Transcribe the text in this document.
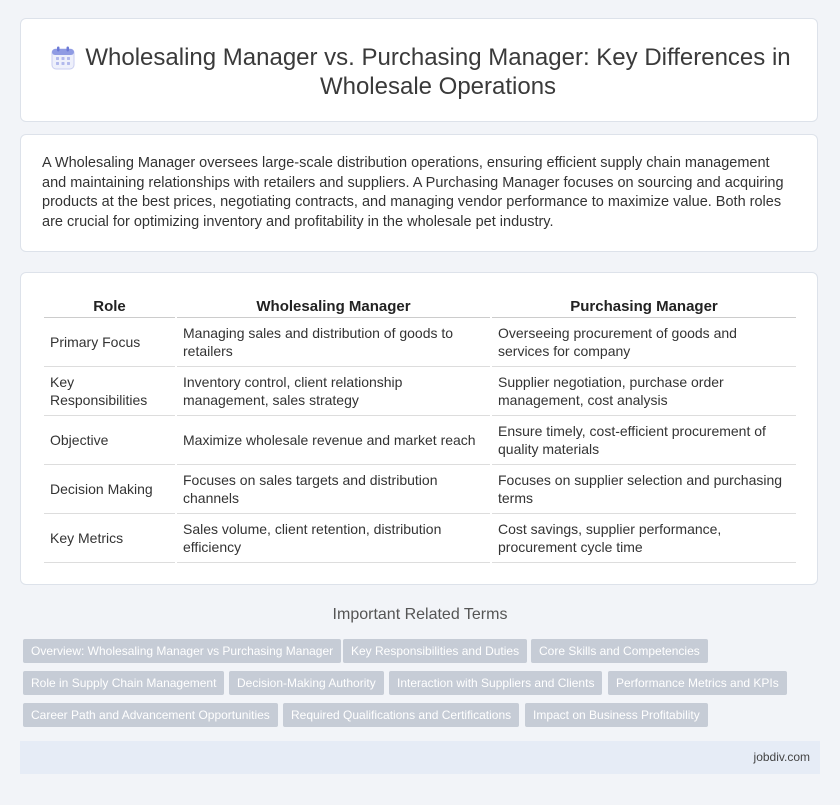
Wholesaling Manager vs. Purchasing Manager: Key Differences in Wholesale Operations

A Wholesaling Manager oversees large-scale distribution operations, ensuring efficient supply chain management and maintaining relationships with retailers and suppliers. A Purchasing Manager focuses on sourcing and acquiring products at the best prices, negotiating contracts, and managing vendor performance to maximize value. Both roles are crucial for optimizing inventory and profitability in the wholesale pet industry.

Role	Wholesaling Manager	Purchasing Manager
Primary Focus	Managing sales and distribution of goods to retailers	Overseeing procurement of goods and services for company
Key Responsibilities	Inventory control, client relationship management, sales strategy	Supplier negotiation, purchase order management, cost analysis
Objective	Maximize wholesale revenue and market reach	Ensure timely, cost-efficient procurement of quality materials
Decision Making	Focuses on sales targets and distribution channels	Focuses on supplier selection and purchasing terms
Key Metrics	Sales volume, client retention, distribution efficiency	Cost savings, supplier performance, procurement cycle time
Important Related Terms
Overview: Wholesaling Manager vs Purchasing Manager	Key Responsibilities and Duties	Core Skills and Competencies
Role in Supply Chain Management	Decision-Making Authority	Interaction with Suppliers and Clients	Performance Metrics and KPIs
Career Path and Advancement Opportunities	Required Qualifications and Certifications	Impact on Business Profitability
jobdiv.com
